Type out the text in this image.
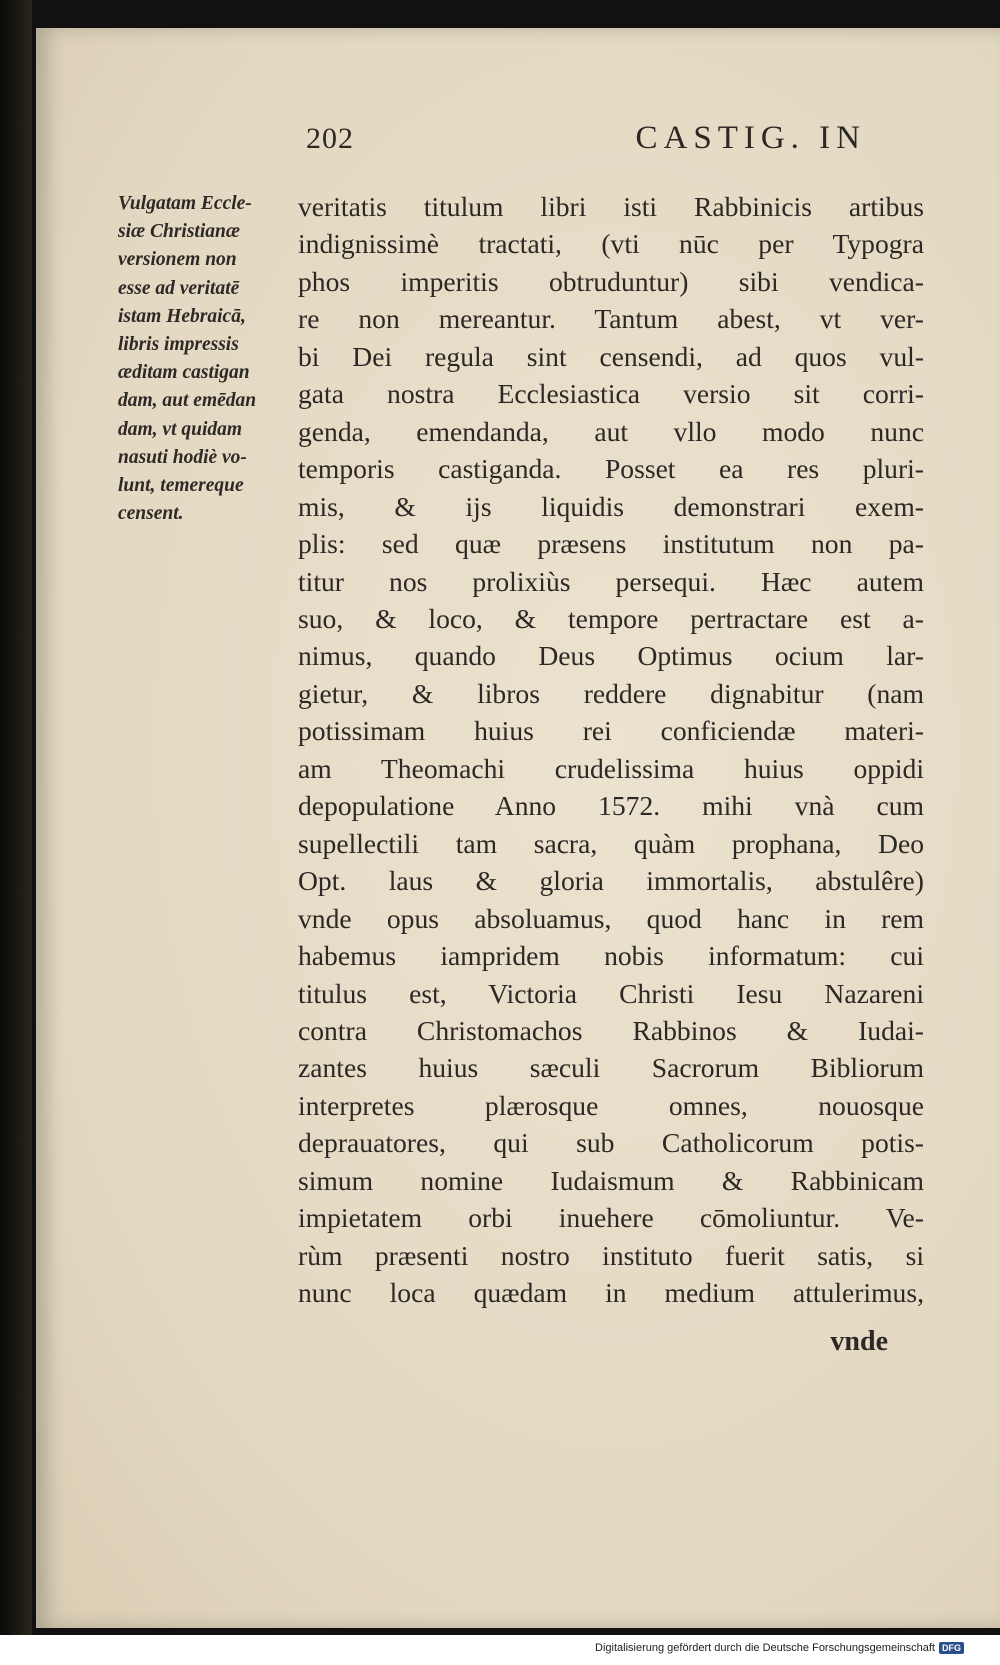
202	CASTIG. IN
Vulgatam Eccle-
siæ Christianæ
versionem non
esse ad veritatē
istam Hebraicā,
libris impressis
æditam castigan
dam, aut emēdan
dam, vt quidam
nasuti hodiè vo-
lunt, temereque
censent.
veritatis titulum libri isti Rabbinicis artibus
indignissimè tractati, (vti nūc per Typogra
phos imperitis obtruduntur) sibi vendica-
re non mereantur. Tantum abest, vt ver-
bi Dei regula sint censendi, ad quos vul-
gata nostra Ecclesiastica versio sit corri-
genda, emendanda, aut vllo modo nunc
temporis castiganda. Posset ea res pluri-
mis, & ijs liquidis demonstrari exem-
plis: sed quæ præsens institutum non pa-
titur nos prolixiùs persequi. Hæc autem
suo, & loco, & tempore pertractare est a-
nimus, quando Deus Optimus ocium lar-
gietur, & libros reddere dignabitur (nam
potissimam huius rei conficiendæ materi-
am Theomachi crudelissima huius oppidi
depopulatione Anno 1572. mihi vnà cum
supellectili tam sacra, quàm prophana, Deo
Opt. laus & gloria immortalis, abstulêre)
vnde opus absoluamus, quod hanc in rem
habemus iampridem nobis informatum: cui
titulus est, Victoria Christi Iesu Nazareni
contra Christomachos Rabbinos & Iudai-
zantes huius sæculi Sacrorum Bibliorum
interpretes plærosque omnes, nouosque
deprauatores, qui sub Catholicorum potis-
simum nomine Iudaismum & Rabbinicam
impietatem orbi inuehere cōmoliuntur. Ve-
rùm præsenti nostro instituto fuerit satis, si
nunc loca quædam in medium attulerimus,
vnde
Digitalisierung gefördert durch die Deutsche Forschungsgemeinschaft DFG
